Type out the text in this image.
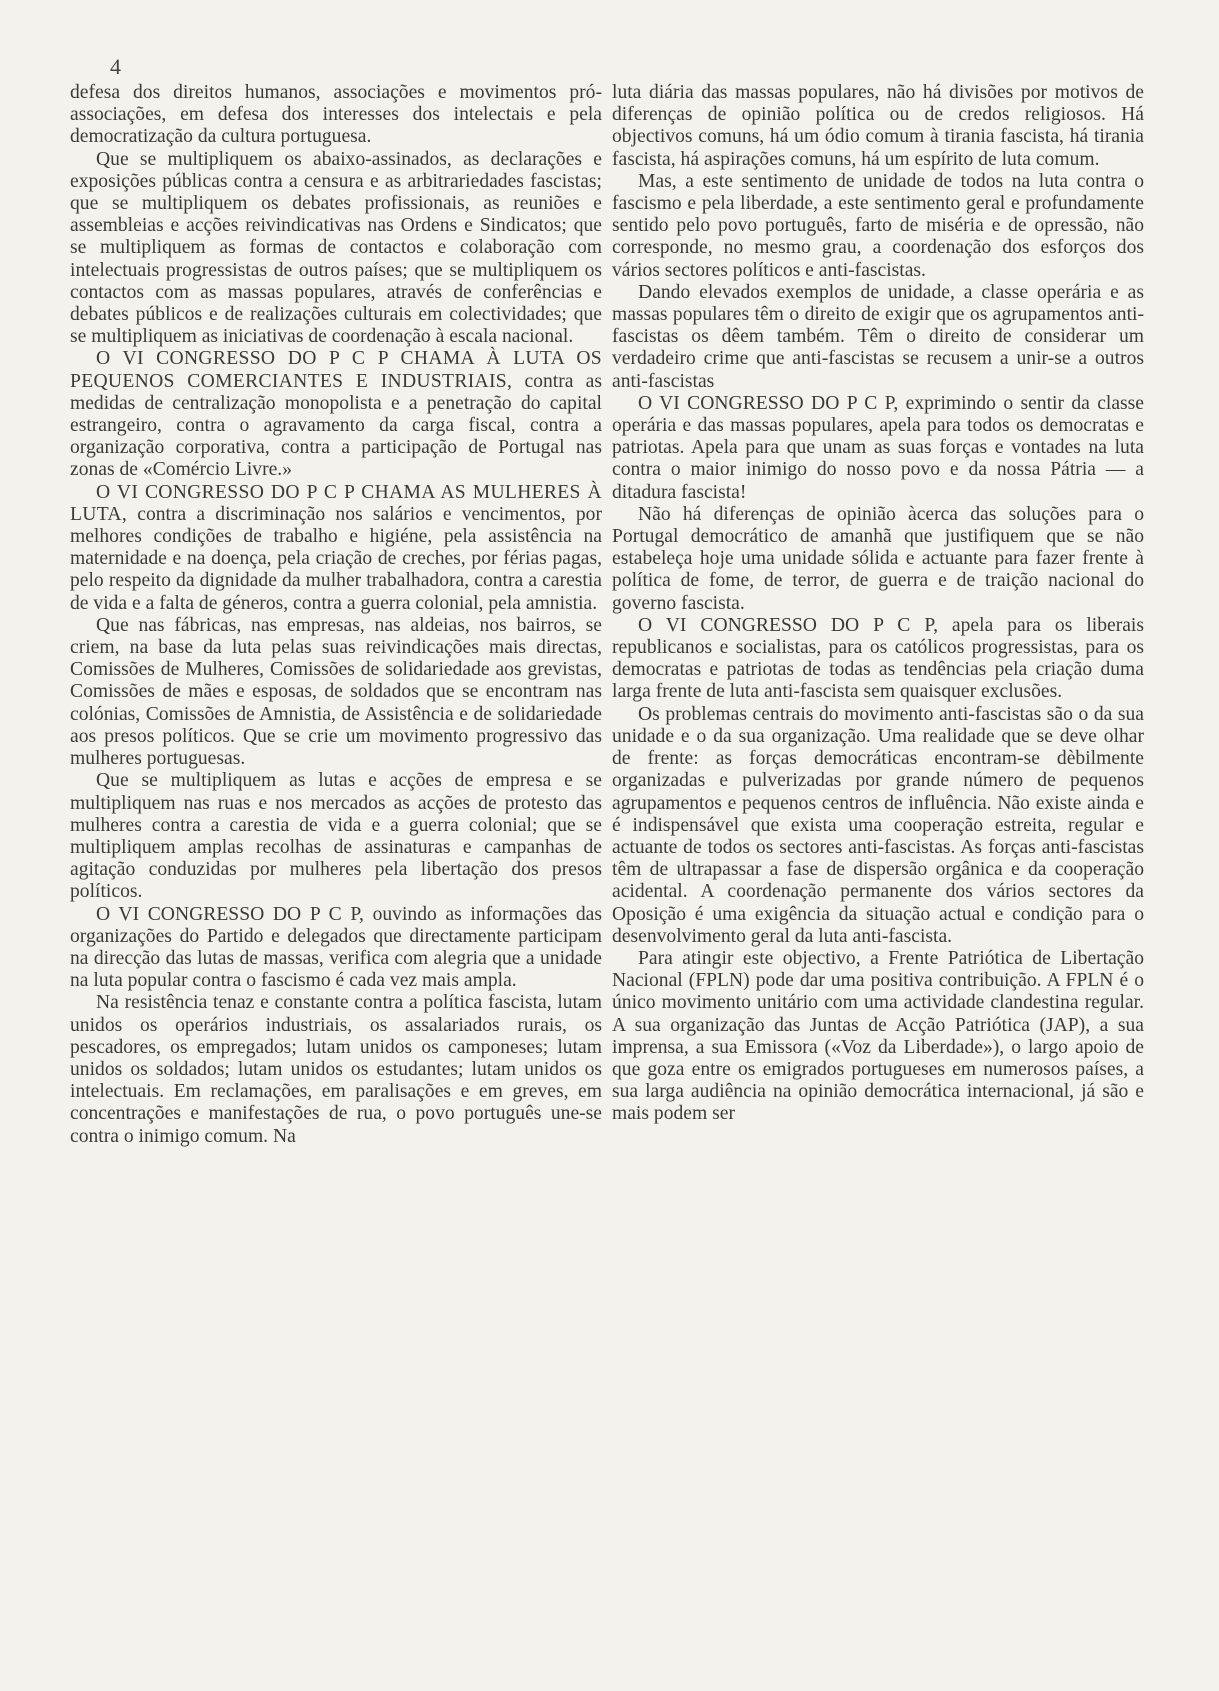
4

defesa dos direitos humanos, associações e movimentos pró-associações, em defesa dos interesses dos intelectais e pela democratização da cultura portuguesa.

Que se multipliquem os abaixo-assinados, as declarações e exposições públicas contra a censura e as arbitrariedades fascistas; que se multipliquem os debates profissionais, as reuniões e assembleias e acções reivindicativas nas Ordens e Sindicatos; que se multipliquem as formas de contactos e colaboração com intelectuais progressistas de outros países; que se multipliquem os contactos com as massas populares, através de conferências e debates públicos e de realizações culturais em colectividades; que se multipliquem as iniciativas de coordenação à escala nacional.

O VI CONGRESSO DO P C P CHAMA À LUTA OS PEQUENOS COMERCIANTES E INDUSTRIAIS, contra as medidas de centralização monopolista e a penetração do capital estrangeiro, contra o agravamento da carga fiscal, contra a organização corporativa, contra a participação de Portugal nas zonas de «Comércio Livre.»

O VI CONGRESSO DO P C P CHAMA AS MULHERES À LUTA, contra a discriminação nos salários e vencimentos, por melhores condições de trabalho e higiéne, pela assistência na maternidade e na doença, pela criação de creches, por férias pagas, pelo respeito da dignidade da mulher trabalhadora, contra a carestia de vida e a falta de géneros, contra a guerra colonial, pela amnistia.

Que nas fábricas, nas empresas, nas aldeias, nos bairros, se criem, na base da luta pelas suas reivindicações mais directas, Comissões de Mulheres, Comissões de solidariedade aos grevistas, Comissões de mães e esposas, de soldados que se encontram nas colónias, Comissões de Amnistia, de Assistência e de solidariedade aos presos políticos. Que se crie um movimento progressivo das mulheres portuguesas.

Que se multipliquem as lutas e acções de empresa e se multipliquem nas ruas e nos mercados as acções de protesto das mulheres contra a carestia de vida e a guerra colonial; que se multipliquem amplas recolhas de assinaturas e campanhas de agitação conduzidas por mulheres pela libertação dos presos políticos.

O VI CONGRESSO DO P C P, ouvindo as informações das organizações do Partido e delegados que directamente participam na direcção das lutas de massas, verifica com alegria que a unidade na luta popular contra o fascismo é cada vez mais ampla.

Na resistência tenaz e constante contra a política fascista, lutam unidos os operários industriais, os assalariados rurais, os pescadores, os empregados; lutam unidos os camponeses; lutam unidos os soldados; lutam unidos os estudantes; lutam unidos os intelectuais. Em reclamações, em paralisações e em greves, em concentrações e manifestações de rua, o povo português une-se contra o inimigo comum. Na

luta diária das massas populares, não há divisões por motivos de diferenças de opinião política ou de credos religiosos. Há objectivos comuns, há um ódio comum à tirania fascista, há tirania fascista, há aspirações comuns, há um espírito de luta comum.

Mas, a este sentimento de unidade de todos na luta contra o fascismo e pela liberdade, a este sentimento geral e profundamente sentido pelo povo português, farto de miséria e de opressão, não corresponde, no mesmo grau, a coordenação dos esforços dos vários sectores políticos e anti-fascistas.

Dando elevados exemplos de unidade, a classe operária e as massas populares têm o direito de exigir que os agrupamentos anti-fascistas os dêem também. Têm o direito de considerar um verdadeiro crime que anti-fascistas se recusem a unir-se a outros anti-fascistas

O VI CONGRESSO DO P C P, exprimindo o sentir da classe operária e das massas populares, apela para todos os democratas e patriotas. Apela para que unam as suas forças e vontades na luta contra o maior inimigo do nosso povo e da nossa Pátria — a ditadura fascista!

Não há diferenças de opinião àcerca das soluções para o Portugal democrático de amanhã que justifiquem que se não estabeleça hoje uma unidade sólida e actuante para fazer frente à política de fome, de terror, de guerra e de traição nacional do governo fascista.

O VI CONGRESSO DO P C P, apela para os liberais republicanos e socialistas, para os católicos progressistas, para os democratas e patriotas de todas as tendências pela criação duma larga frente de luta anti-fascista sem quaisquer exclusões.

Os problemas centrais do movimento anti-fascistas são o da sua unidade e o da sua organização. Uma realidade que se deve olhar de frente: as forças democráticas encontram-se dèbilmente organizadas e pulverizadas por grande número de pequenos agrupamentos e pequenos centros de influência. Não existe ainda e é indispensável que exista uma cooperação estreita, regular e actuante de todos os sectores anti-fascistas. As forças anti-fascistas têm de ultrapassar a fase de dispersão orgânica e da cooperação acidental. A coordenação permanente dos vários sectores da Oposição é uma exigência da situação actual e condição para o desenvolvimento geral da luta anti-fascista.

Para atingir este objectivo, a Frente Patriótica de Libertação Nacional (FPLN) pode dar uma positiva contribuição. A FPLN é o único movimento unitário com uma actividade clandestina regular. A sua organização das Juntas de Acção Patriótica (JAP), a sua imprensa, a sua Emissora («Voz da Liberdade»), o largo apoio de que goza entre os emigrados portugueses em numerosos países, a sua larga audiência na opinião democrática internacional, já são e mais podem ser
